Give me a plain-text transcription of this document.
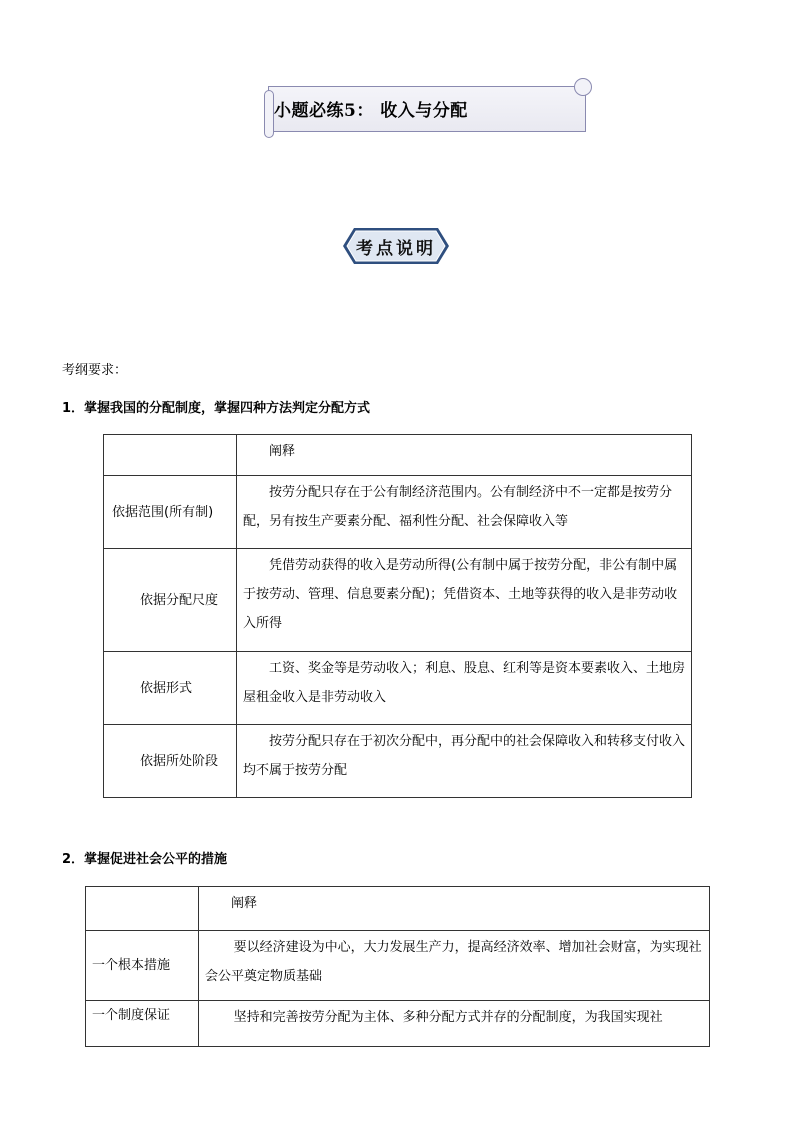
小题必练5： 收入与分配
考点说明
考纲要求：
1．掌握我国的分配制度，掌握四种方法判定分配方式
	阐释
依据范围(所有制)	按劳分配只存在于公有制经济范围内。公有制经济中不一定都是按劳分配，另有按生产要素分配、福利性分配、社会保障收入等
依据分配尺度	凭借劳动获得的收入是劳动所得(公有制中属于按劳分配，非公有制中属于按劳动、管理、信息要素分配)；凭借资本、土地等获得的收入是非劳动收入所得
依据形式	工资、奖金等是劳动收入；利息、股息、红利等是资本要素收入、土地房屋租金收入是非劳动收入
依据所处阶段	按劳分配只存在于初次分配中，再分配中的社会保障收入和转移支付收入均不属于按劳分配
2．掌握促进社会公平的措施
	阐释
一个根本措施	要以经济建设为中心，大力发展生产力，提高经济效率、增加社会财富，为实现社会公平奠定物质基础
一个制度保证	坚持和完善按劳分配为主体、多种分配方式并存的分配制度，为我国实现社
